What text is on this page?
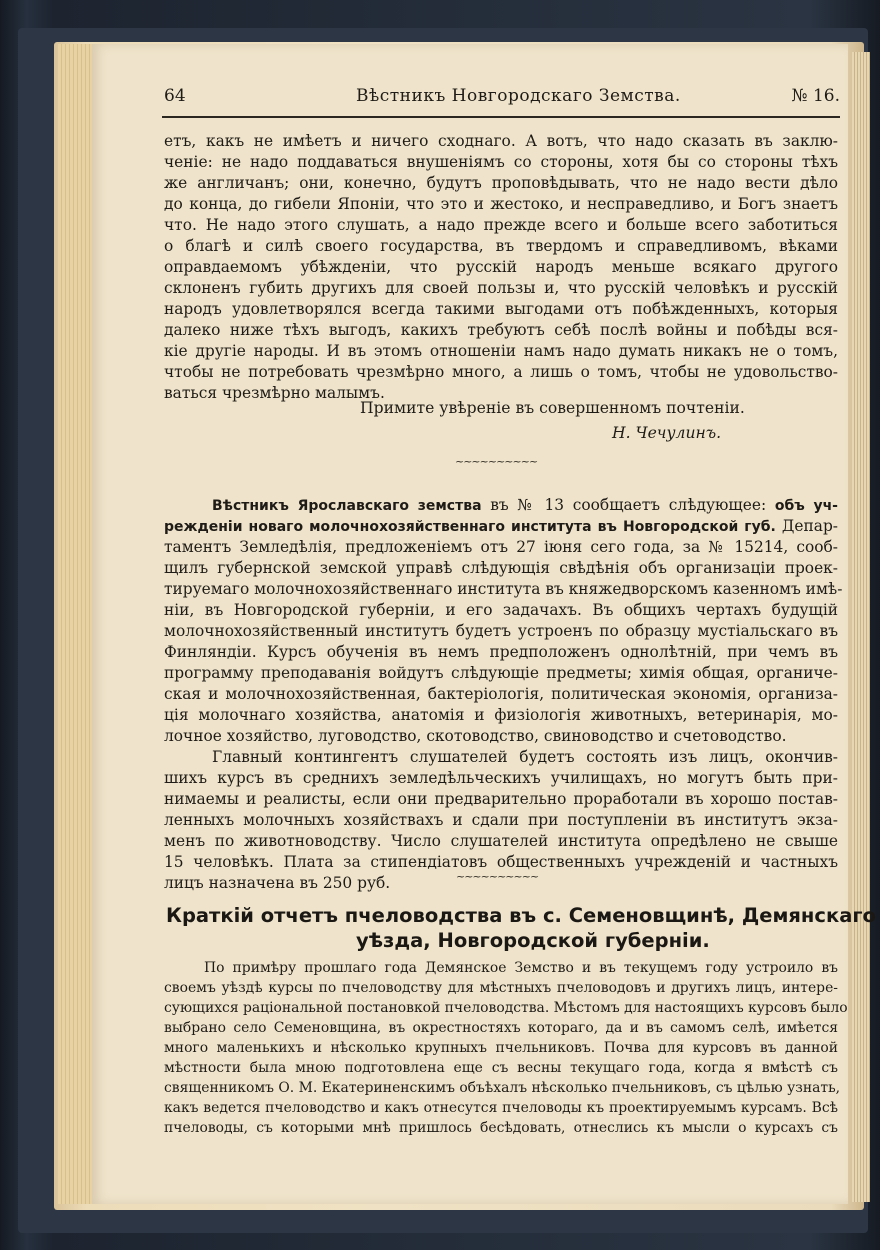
64	Вѣстникъ Новгородскаго Земства.	№ 16.
етъ, какъ не имѣетъ и ничего сходнаго. А вотъ, что надо сказать въ заклю-
ченіе: не надо поддаваться внушеніямъ со стороны, хотя бы со стороны тѣхъ
же англичанъ; они, конечно, будутъ проповѣдывать, что не надо вести дѣло
до конца, до гибели Японіи, что это и жестоко, и несправедливо, и Богъ знаетъ
что. Не надо этого слушать, а надо прежде всего и больше всего заботиться
о благѣ и силѣ своего государства, въ твердомъ и справедливомъ, вѣками
оправдаемомъ убѣжденіи, что русскій народъ меньше всякаго другого
склоненъ губить другихъ для своей пользы и, что русскій человѣкъ и русскій
народъ удовлетворялся всегда такими выгодами отъ побѣжденныхъ, которыя
далеко ниже тѣхъ выгодъ, какихъ требуютъ себѣ послѣ войны и побѣды вся-
кіе другіе народы. И въ этомъ отношеніи намъ надо думать никакъ не о томъ,
чтобы не потребовать чрезмѣрно много, а лишь о томъ, чтобы не удовольство-
ваться чрезмѣрно малымъ.
Примите увѣреніе въ совершенномъ почтеніи.
Н. Чечулинъ.
~~~~~~~~~~
Вѣстникъ Ярославскаго земства въ № 13 сообщаетъ слѣдующее: объ уч-
режденіи новаго молочнохозяйственнаго института въ Новгородской губ. Депар-
таментъ Земледѣлія, предложеніемъ отъ 27 іюня сего года, за № 15214, сооб-
щилъ губернской земской управѣ слѣдующія свѣдѣнія объ организаціи проек-
тируемаго молочнохозяйственнаго института въ княжедворскомъ казенномъ имѣ-
ніи, въ Новгородской губерніи, и его задачахъ. Въ общихъ чертахъ будущій
молочнохозяйственный институтъ будетъ устроенъ по образцу мустіальскаго въ
Финляндіи. Курсъ обученія въ немъ предположенъ однолѣтній, при чемъ въ
программу преподаванія войдутъ слѣдующіе предметы; химія общая, органиче-
ская и молочнохозяйственная, бактеріологія, политическая экономія, организа-
ція молочнаго хозяйства, анатомія и физіологія животныхъ, ветеринарія, мо-
лочное хозяйство, луговодство, скотоводство, свиноводство и счетоводство.
Главный контингентъ слушателей будетъ состоять изъ лицъ, окончив-
шихъ курсъ въ среднихъ земледѣльческихъ училищахъ, но могутъ быть при-
нимаемы и реалисты, если они предварительно проработали въ хорошо постав-
ленныхъ молочныхъ хозяйствахъ и сдали при поступленіи въ институтъ экза-
менъ по животноводству. Число слушателей института опредѣлено не свыше
15 человѣкъ. Плата за стипендіатовъ общественныхъ учрежденій и частныхъ
лицъ назначена въ 250 руб.	~~~~~~~~~~
Краткій отчетъ пчеловодства въ с. Семеновщинѣ, Демянскаго
уѣзда, Новгородской губерніи.
По примѣру прошлаго года Демянское Земство и въ текущемъ году устроило въ
своемъ уѣздѣ курсы по пчеловодству для мѣстныхъ пчеловодовъ и другихъ лицъ, интере-
сующихся раціональной постановкой пчеловодства. Мѣстомъ для настоящихъ курсовъ было
выбрано село Семеновщина, въ окрестностяхъ котораго, да и въ самомъ селѣ, имѣется
много маленькихъ и нѣсколько крупныхъ пчельниковъ. Почва для курсовъ въ данной
мѣстности была мною подготовлена еще съ весны текущаго года, когда я вмѣстѣ съ
священникомъ О. М. Екатериненскимъ объѣхалъ нѣсколько пчельниковъ, съ цѣлью узнать,
какъ ведется пчеловодство и какъ отнесутся пчеловоды къ проектируемымъ курсамъ. Всѣ
пчеловоды, съ которыми мнѣ пришлось бесѣдовать, отнеслись къ мысли о курсахъ съ
